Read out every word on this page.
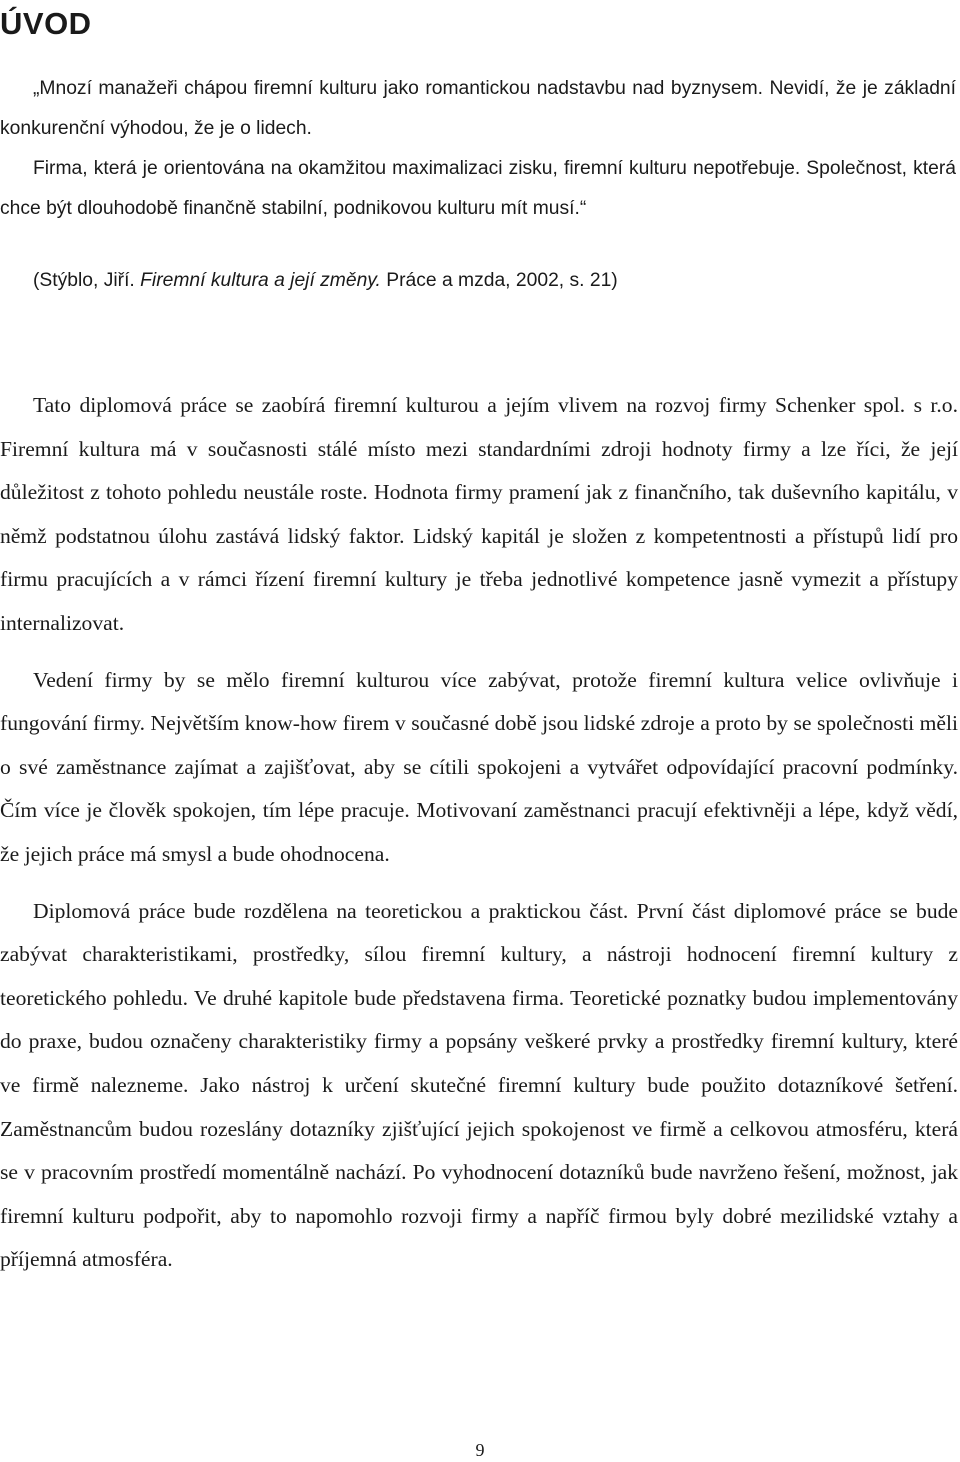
ÚVOD

„Mnozí manažeři chápou firemní kulturu jako romantickou nadstavbu nad byznysem. Nevidí, že je základní konkurenční výhodou, že je o lidech.

Firma, která je orientována na okamžitou maximalizaci zisku, firemní kulturu nepotřebuje. Společnost, která chce být dlouhodobě finančně stabilní, podnikovou kulturu mít musí.“

(Stýblo, Jiří. Firemní kultura a její změny. Práce a mzda, 2002, s. 21)

Tato diplomová práce se zaobírá firemní kulturou a jejím vlivem na rozvoj firmy Schenker spol. s r.o. Firemní kultura má v současnosti stálé místo mezi standardními zdroji hodnoty firmy a lze říci, že její důležitost z tohoto pohledu neustále roste. Hodnota firmy pramení jak z finančního, tak duševního kapitálu, v němž podstatnou úlohu zastává lidský faktor. Lidský kapitál je složen z kompetentnosti a přístupů lidí pro firmu pracujících a v rámci řízení firemní kultury je třeba jednotlivé kompetence jasně vymezit a přístupy internalizovat.

Vedení firmy by se mělo firemní kulturou více zabývat, protože firemní kultura velice ovlivňuje i fungování firmy. Největším know-how firem v současné době jsou lidské zdroje a proto by se společnosti měli o své zaměstnance zajímat a zajišťovat, aby se cítili spokojeni a vytvářet odpovídající pracovní podmínky. Čím více je člověk spokojen, tím lépe pracuje. Motivovaní zaměstnanci pracují efektivněji a lépe, když vědí, že jejich práce má smysl a bude ohodnocena.

Diplomová práce bude rozdělena na teoretickou a praktickou část. První část diplomové práce se bude zabývat charakteristikami, prostředky, sílou firemní kultury, a nástroji hodnocení firemní kultury z teoretického pohledu. Ve druhé kapitole bude představena firma. Teoretické poznatky budou implementovány do praxe, budou označeny charakteristiky firmy a popsány veškeré prvky a prostředky firemní kultury, které ve firmě nalezneme. Jako nástroj k určení skutečné firemní kultury bude použito dotazníkové šetření. Zaměstnancům budou rozeslány dotazníky zjišťující jejich spokojenost ve firmě a celkovou atmosféru, která se v pracovním prostředí momentálně nachází. Po vyhodnocení dotazníků bude navrženo řešení, možnost, jak firemní kulturu podpořit, aby to napomohlo rozvoji firmy a napříč firmou byly dobré mezilidské vztahy a příjemná atmosféra.

9
